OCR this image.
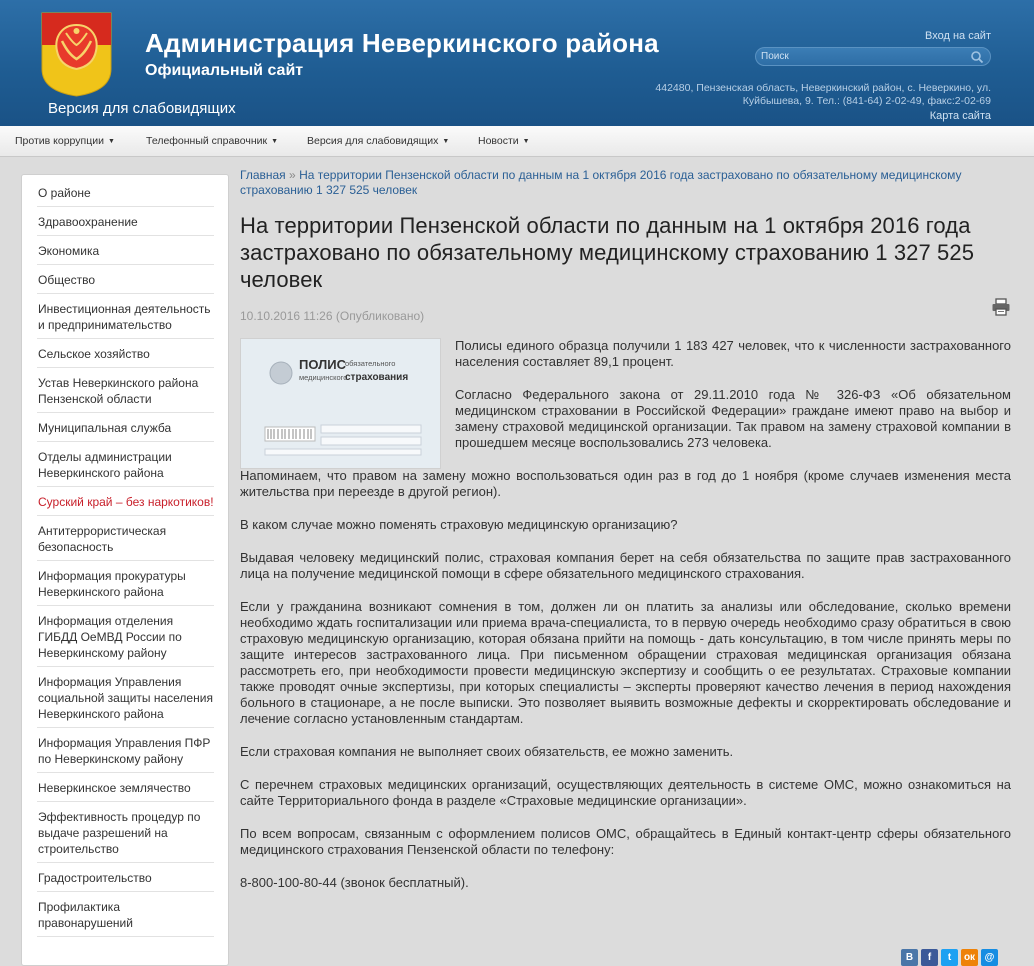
Администрация Неверкинского района
Официальный сайт
Версия для слабовидящих
Вход на сайт
Поиск
442480, Пензенская область, Неверкинский район, с. Неверкино, ул.
Куйбышева, 9. Тел.: (841-64) 2-02-49, факс:2-02-69
Карта сайта
Против коррупции ▼	Телефонный справочник ▼	Версия для слабовидящих ▼	Новости ▼
О районе
Здравоохранение
Экономика
Общество
Инвестиционная деятельность и предпринимательство
Сельское хозяйство
Устав Неверкинского района Пензенской области
Муниципальная служба
Отделы администрации Неверкинского района
Сурский край – без наркотиков!
Антитеррористическая безопасность
Информация прокуратуры Неверкинского района
Информация отделения ГИБДД ОеМВД России по Неверкинскому району
Информация Управления социальной защиты населения Неверкинского района
Информация Управления ПФР по Неверкинскому району
Неверкинское землячество
Эффективность процедур по выдаче разрешений на строительство
Градостроительство
Профилактика правонарушений
Главная » На территории Пензенской области по данным на 1 октября 2016 года застраховано по обязательному медицинскому страхованию 1 327 525 человек
На территории Пензенской области по данным на 1 октября 2016 года застраховано по обязательному медицинскому страхованию 1 327 525 человек
10.10.2016 11:26 (Опубликовано)
ПОЛИС обязательного
медицинского
страхования

Полисы единого образца получили 1 183 427 человек, что к численности застрахованного населения составляет 89,1 процент.

Согласно Федерального закона от 29.11.2010 года № 326-ФЗ «Об обязательном медицинском страховании в Российской Федерации» граждане имеют право на выбор и замену страховой медицинской организации. Так правом на замену страховой компании в прошедшем месяце воспользовались 273 человека.

Напоминаем, что правом на замену можно воспользоваться один раз в год до 1 ноября (кроме случаев изменения места жительства при переезде в другой регион).

В каком случае можно поменять страховую медицинскую организацию?

Выдавая человеку медицинский полис, страховая компания берет на себя обязательства по защите прав застрахованного лица на получение медицинской помощи в сфере обязательного медицинского страхования.

Если у гражданина возникают сомнения в том, должен ли он платить за анализы или обследование, сколько времени необходимо ждать госпитализации или приема врача-специалиста, то в первую очередь необходимо сразу обратиться в свою страховую медицинскую организацию, которая обязана прийти на помощь - дать консультацию, в том числе принять меры по защите интересов застрахованного лица. При письменном обращении страховая медицинская организация обязана рассмотреть его, при необходимости провести медицинскую экспертизу и сообщить о ее результатах. Страховые компании также проводят очные экспертизы, при которых специалисты – эксперты проверяют качество лечения в период нахождения больного в стационаре, а не после выписки. Это позволяет выявить возможные дефекты и скорректировать обследование и лечение согласно установленным стандартам.

Если страховая компания не выполняет своих обязательств, ее можно заменить.

С перечнем страховых медицинских организаций, осуществляющих деятельность в системе ОМС, можно ознакомиться на сайте Территориального фонда в разделе «Страховые медицинские организации».

По всем вопросам, связанным с оформлением полисов ОМС, обращайтесь в Единый контакт-центр сферы обязательного медицинского страхования Пензенской области по телефону:

8-800-100-80-44 (звонок бесплатный).

В f t ок @
